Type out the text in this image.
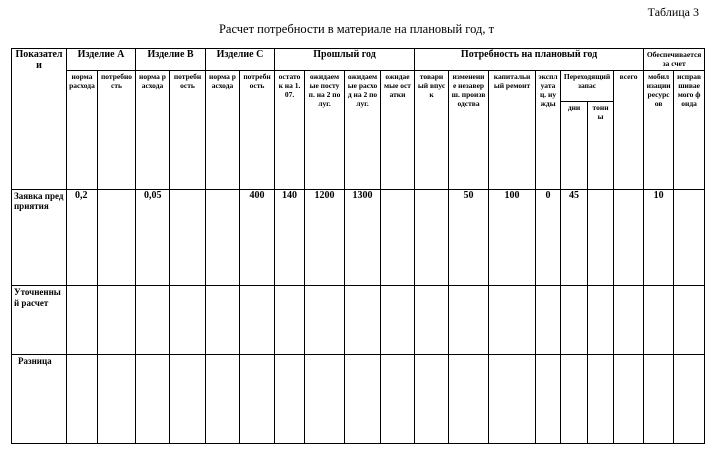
Таблица 3
Расчет потребности в материале на плановый год, т
Показатели	Изделие А		Изделие В		Изделие С		Прошлый год				Потребность на плановый год							Обеспечивается за счет	
	норма расхода	потребность	норма расхода	потребность	норма расхода	потребность	остаток на 1.07.	ожидаемые поступ. на 2 полуг.	ожидаемые расход на 2 полуг.	ожидаемые остатки	товарный впуск	изменение незаверш. производства	капитальный ремонт	эксплуатац. нужды	Переходящий запас		всего	мобилизации ресурсов	исправшиваемого фонда
															дни	тонны			
Заявка предприятия	0,2		0,05			400	140	1200	1300			50	100	0	45			10	
Уточненный расчет																			
Разница																			
